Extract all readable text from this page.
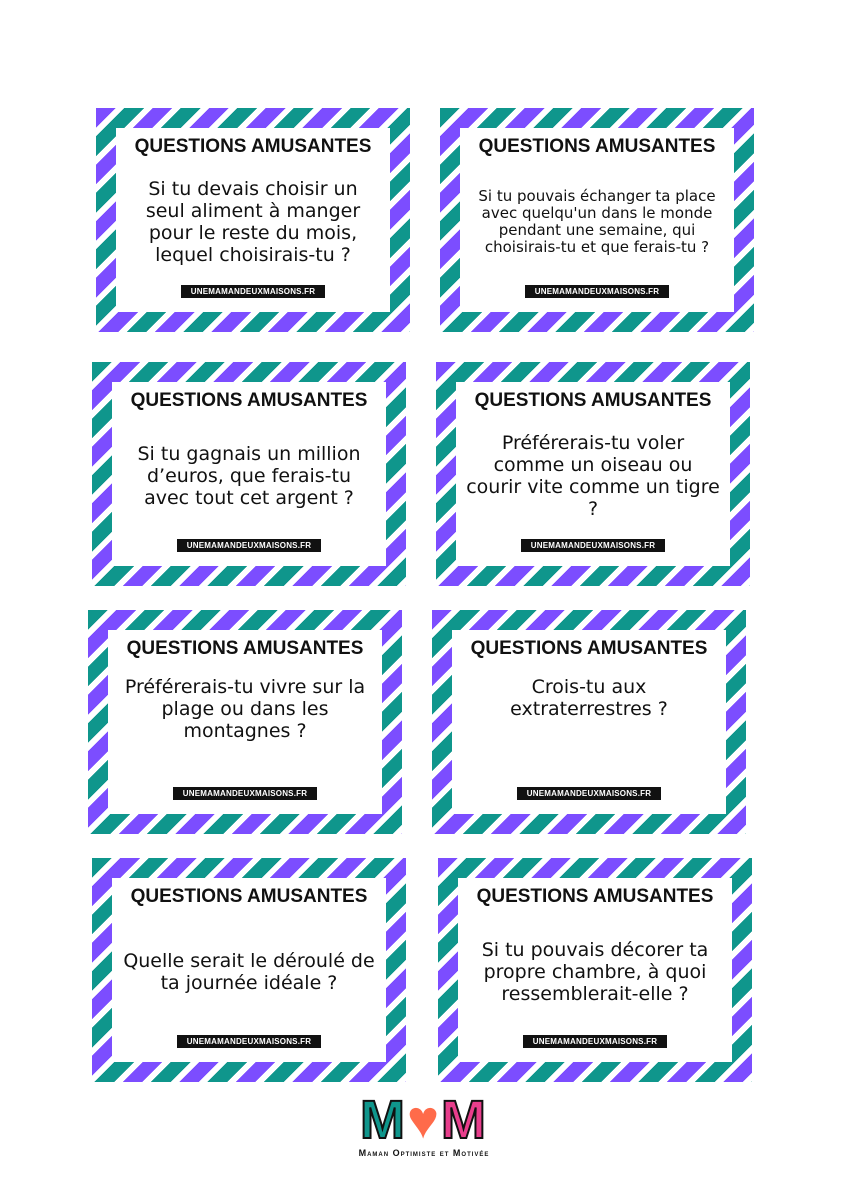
QUESTIONS AMUSANTES
Si tu devais choisir un seul aliment à manger pour le reste du mois, lequel choisirais-tu ?
UNEMAMANDEUXMAISONS.FR
QUESTIONS AMUSANTES
Si tu pouvais échanger ta place avec quelqu'un dans le monde pendant une semaine, qui choisirais-tu et que ferais-tu ?
UNEMAMANDEUXMAISONS.FR
QUESTIONS AMUSANTES
Si tu gagnais un million d’euros, que ferais-tu avec tout cet argent ?
UNEMAMANDEUXMAISONS.FR
QUESTIONS AMUSANTES
Préférerais-tu voler comme un oiseau ou courir vite comme un tigre ?
UNEMAMANDEUXMAISONS.FR
QUESTIONS AMUSANTES
Préférerais-tu vivre sur la plage ou dans les montagnes ?
UNEMAMANDEUXMAISONS.FR
QUESTIONS AMUSANTES
Crois-tu aux extraterrestres ?
UNEMAMANDEUXMAISONS.FR
QUESTIONS AMUSANTES
Quelle serait le déroulé de ta journée idéale ?
UNEMAMANDEUXMAISONS.FR
QUESTIONS AMUSANTES
Si tu pouvais décorer ta propre chambre, à quoi ressemblerait-elle ?
UNEMAMANDEUXMAISONS.FR
M♥M
Maman Optimiste et Motivée
